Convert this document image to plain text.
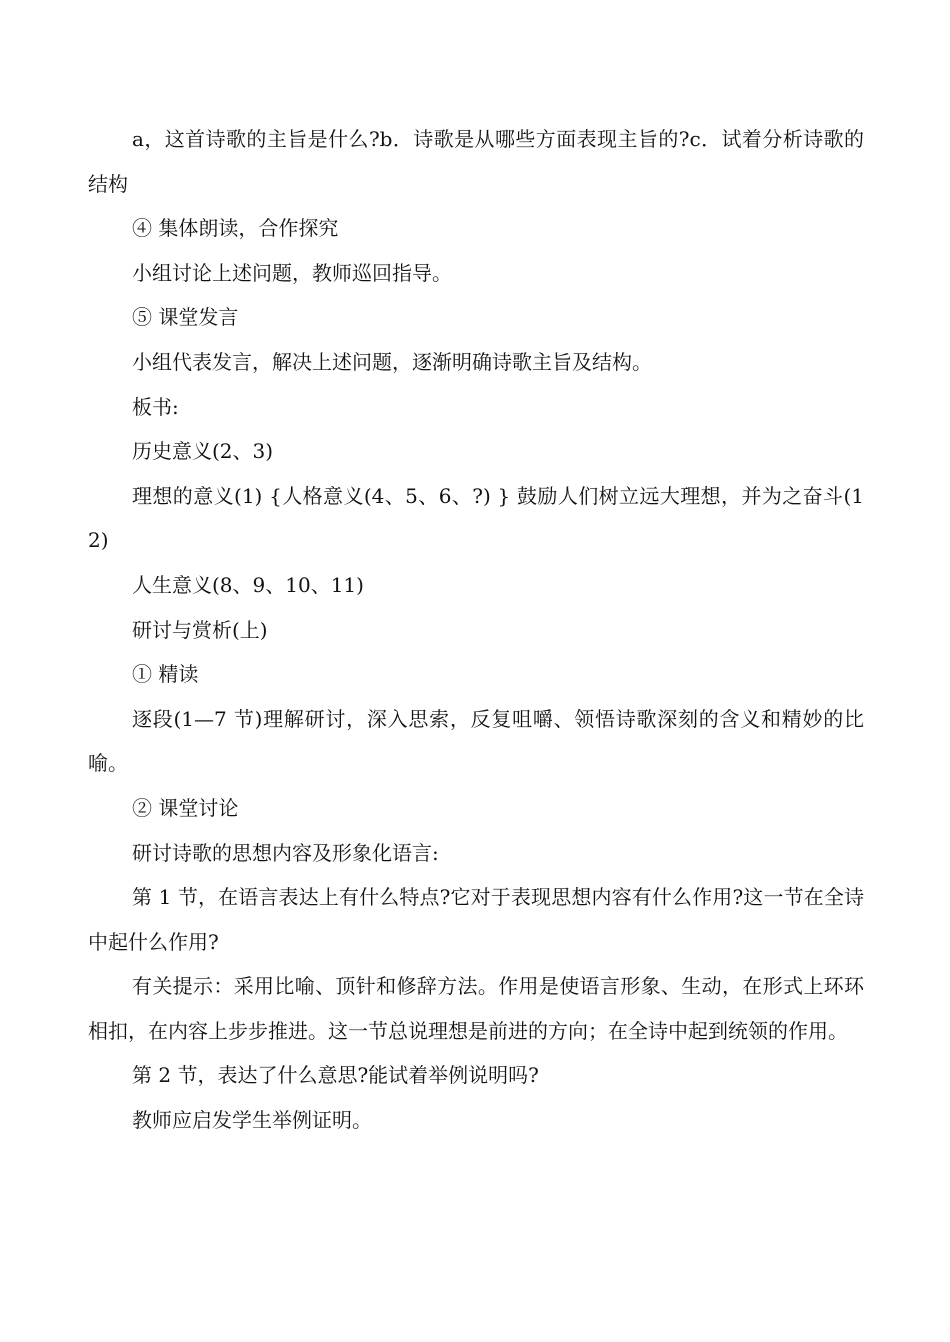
a，这首诗歌的主旨是什么?b．诗歌是从哪些方面表现主旨的?c．试着分析诗歌的结构

④ 集体朗读，合作探究

小组讨论上述问题，教师巡回指导。

⑤ 课堂发言

小组代表发言，解决上述问题，逐渐明确诗歌主旨及结构。

板书:

历史意义(2、3)

理想的意义(1) {人格意义(4、5、6、?) } 鼓励人们树立远大理想，并为之奋斗(12)

人生意义(8、9、10、11)

研讨与赏析(上)

① 精读

逐段(1—7 节)理解研讨，深入思索，反复咀嚼、领悟诗歌深刻的含义和精妙的比喻。

② 课堂讨论

研讨诗歌的思想内容及形象化语言:

第 1 节，在语言表达上有什么特点?它对于表现思想内容有什么作用?这一节在全诗中起什么作用?

有关提示：采用比喻、顶针和修辞方法。作用是使语言形象、生动，在形式上环环相扣，在内容上步步推进。这一节总说理想是前进的方向；在全诗中起到统领的作用。

第 2 节，表达了什么意思?能试着举例说明吗?

教师应启发学生举例证明。
